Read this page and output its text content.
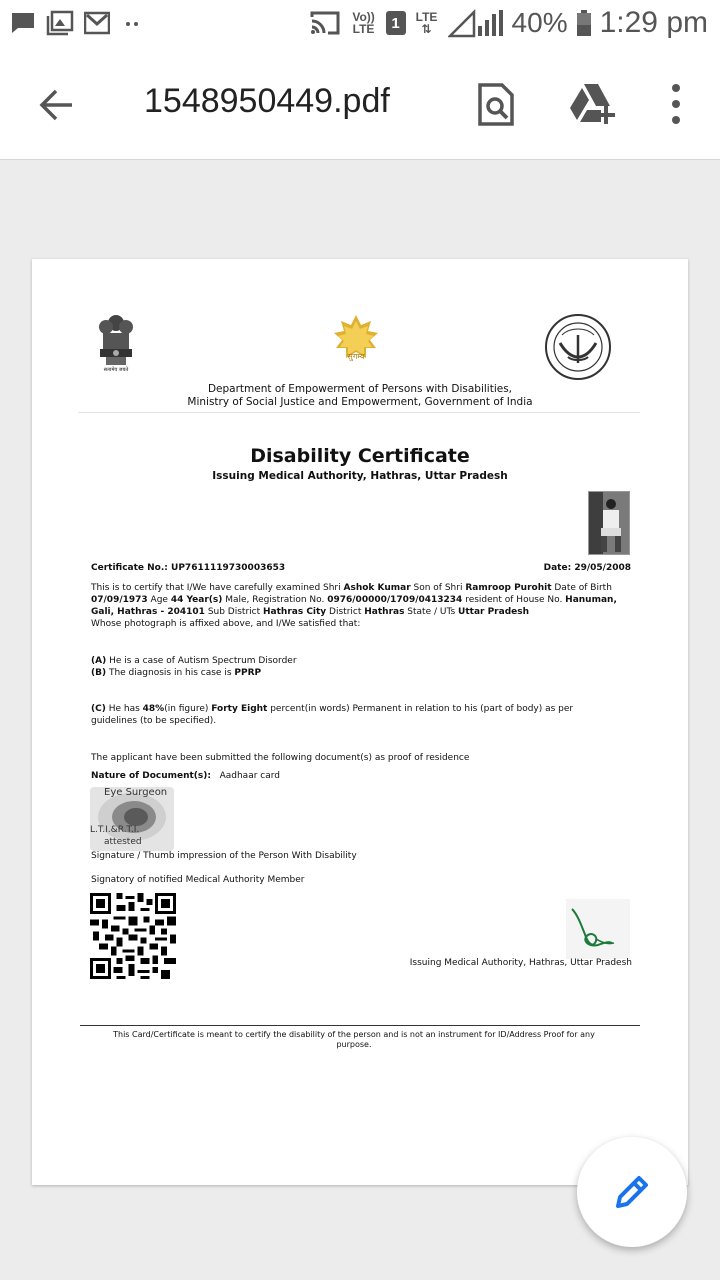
Vo)) LTE	1	LTE
⇅	40% 1:29 pm
1548950449.pdf
सत्यमेव जयते
सुगम्य
Department of Empowerment of Persons with Disabilities,
Ministry of Social Justice and Empowerment, Government of India
Disability Certificate
Issuing Medical Authority, Hathras, Uttar Pradesh
Certificate No.: UP7611119730003653	Date: 29/05/2008
This is to certify that I/We have carefully examined Shri Ashok Kumar Son of Shri Ramroop Purohit Date of Birth
07/09/1973 Age 44 Year(s) Male, Registration No. 0976/00000/1709/0413234 resident of House No. Hanuman,
Gali, Hathras - 204101 Sub District Hathras City District Hathras State / UTs Uttar Pradesh
Whose photograph is affixed above, and I/We satisfied that:
(A) He is a case of Autism Spectrum Disorder
(B) The diagnosis in his case is PPRP
(C) He has 48%(in figure) Forty Eight percent(in words) Permanent in relation to his (part of body) as per
guidelines (to be specified).
The applicant have been submitted the following document(s) as proof of residence
Nature of Document(s): Aadhaar card
Eye Surgeon
L.T.I.&R.T.I.
attested
Signature / Thumb impression of the Person With Disability
Signatory of notified Medical Authority Member
Issuing Medical Authority, Hathras, Uttar Pradesh
This Card/Certificate is meant to certify the disability of the person and is not an instrument for ID/Address Proof for any purpose.
